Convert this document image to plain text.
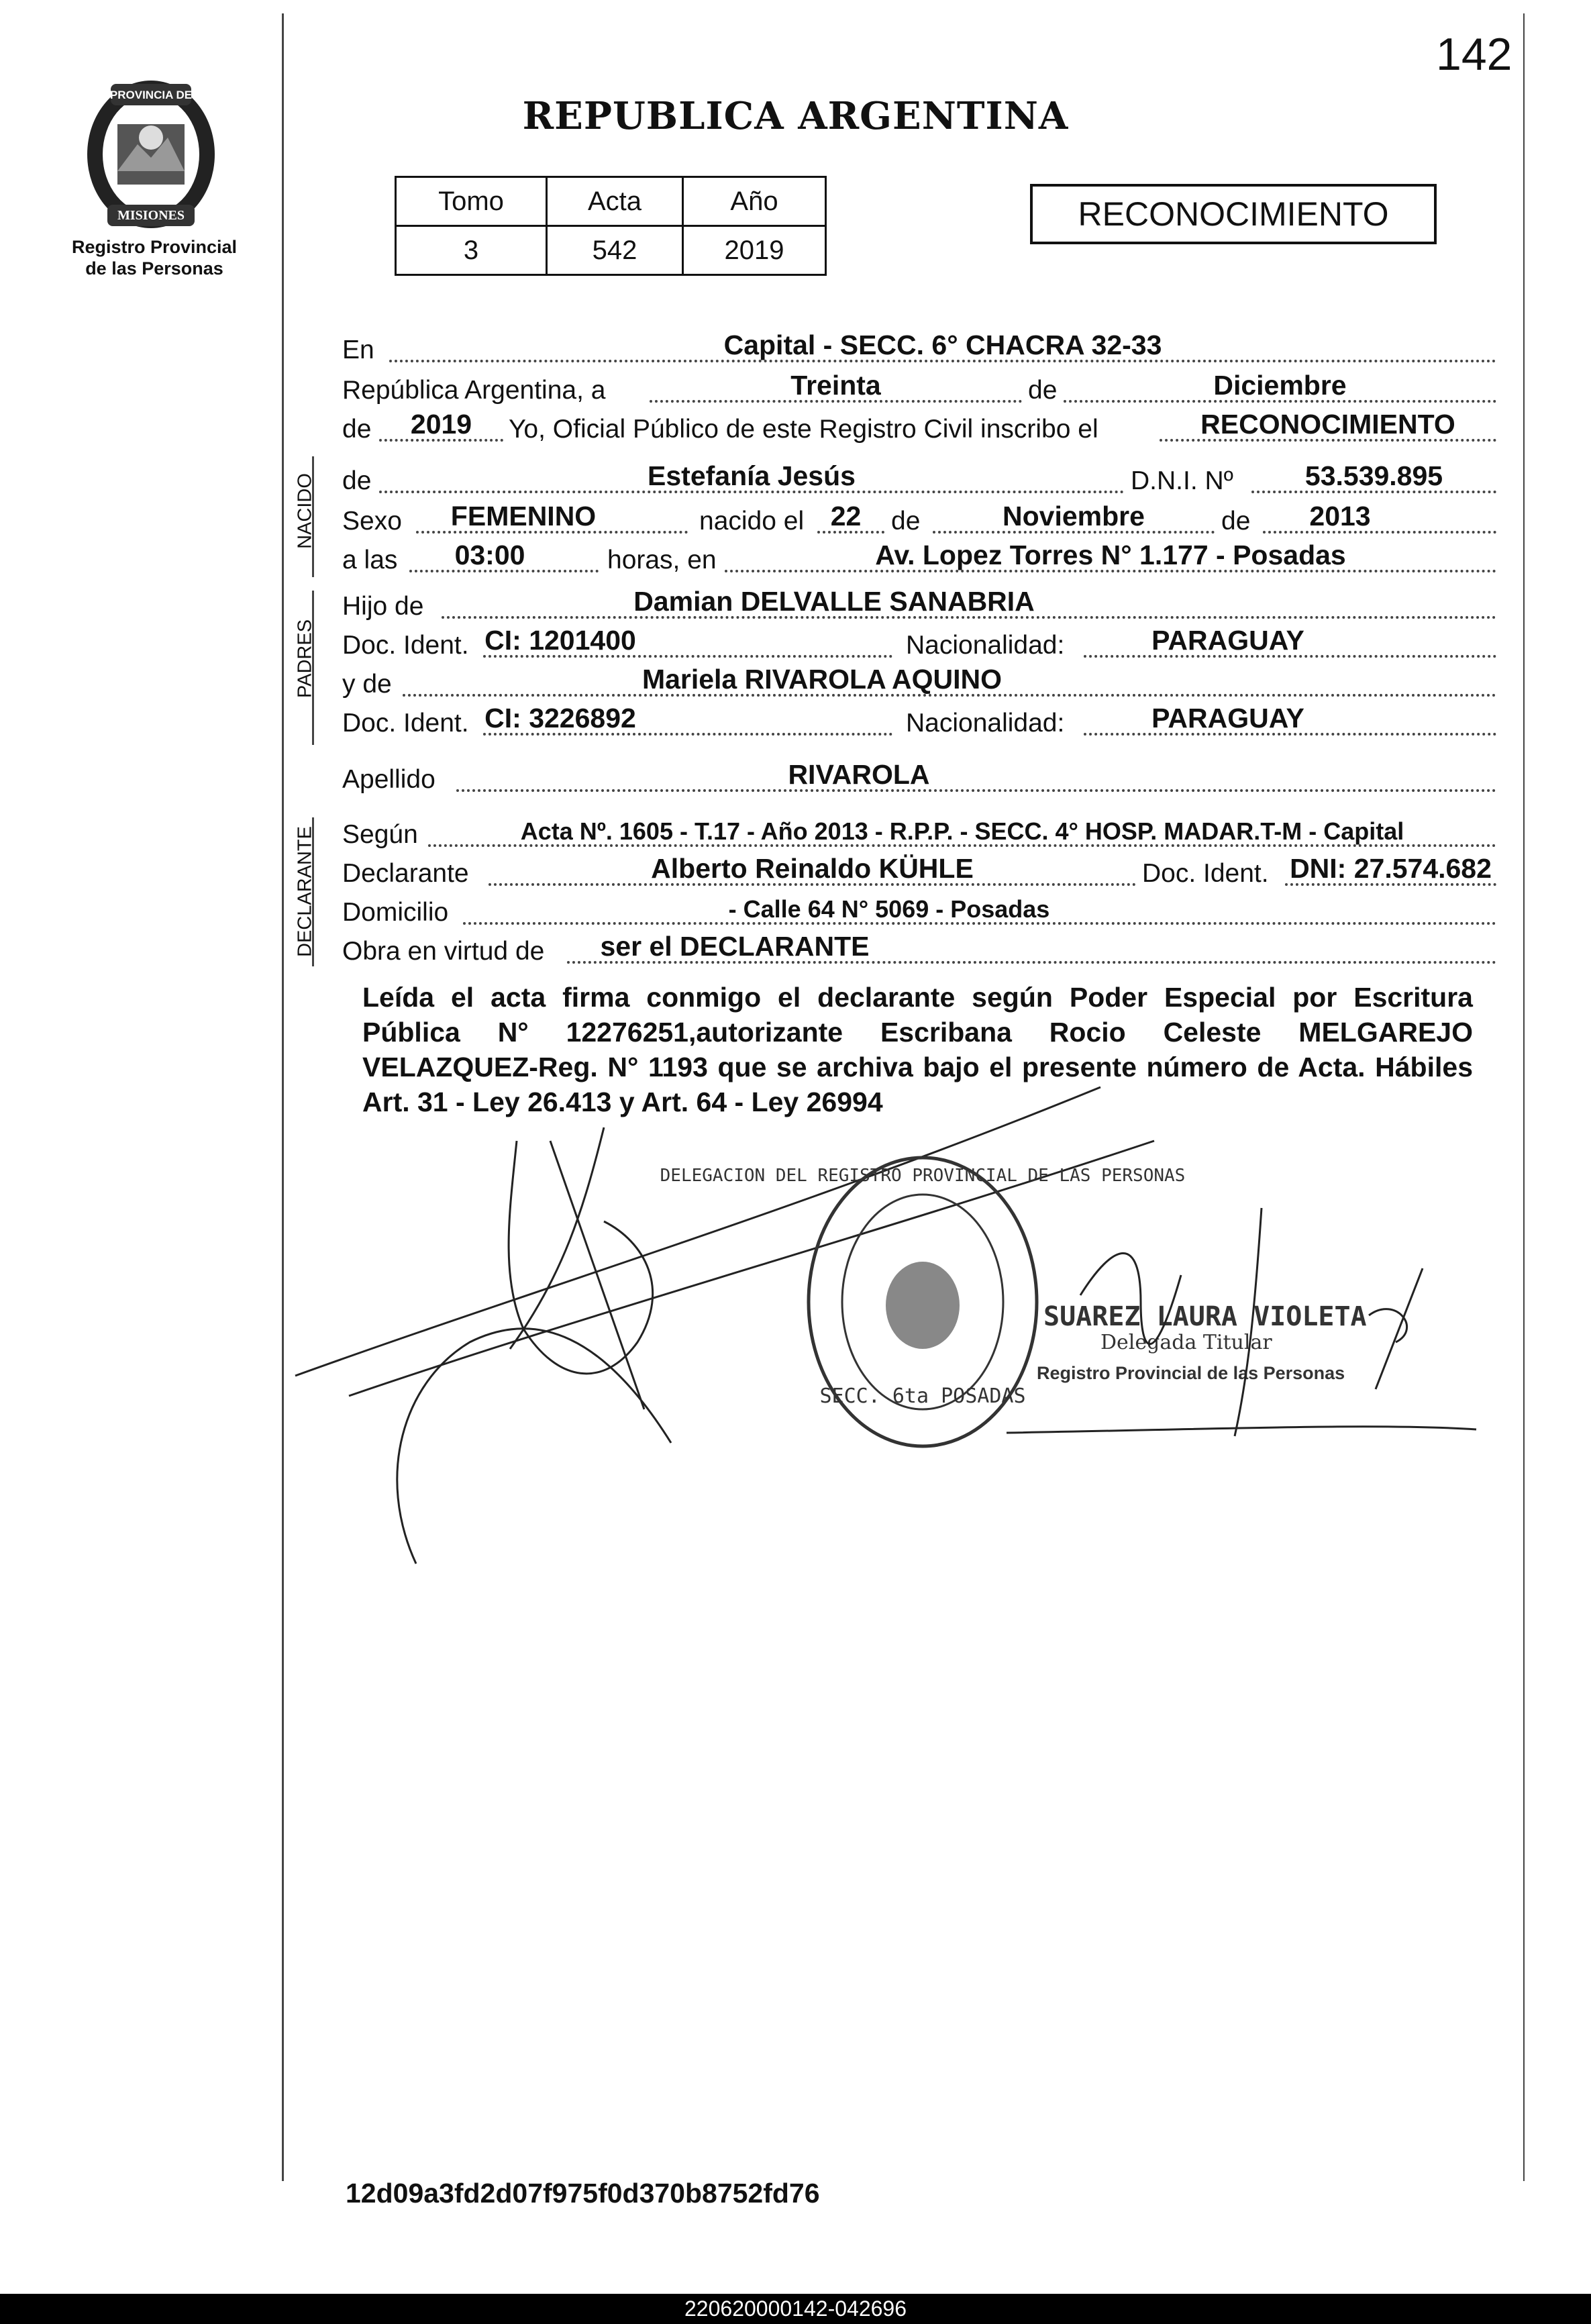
PROVINCIA DE
MISIONES
Registro Provincial
de las Personas
142
REPUBLICA ARGENTINA
Tomo	Acta	Año
3	542	2019
RECONOCIMIENTO
En	Capital - SECC. 6° CHACRA 32-33
República Argentina, a	Treinta	de	Diciembre
de	2019	Yo, Oficial Público de este Registro Civil inscribo el	RECONOCIMIENTO
NACIDO de	Estefanía Jesús	D.N.I. Nº	53.539.895
Sexo	FEMENINO	nacido el 22	de	Noviembre	de	2013
a las	03:00	horas, en	Av. Lopez Torres N° 1.177 - Posadas
PADRES
Hijo de	Damian DELVALLE SANABRIA
Doc. Ident. CI: 1201400	Nacionalidad:	PARAGUAY
y de	Mariela RIVAROLA AQUINO
Doc. Ident. CI: 3226892	Nacionalidad:	PARAGUAY
Apellido	RIVAROLA
DECLARANTE Según	Acta Nº. 1605 - T.17 - Año 2013 - R.P.P. - SECC. 4° HOSP. MADAR.T-M - Capital
Declarante	Alberto Reinaldo KÜHLE	Doc. Ident. DNI: 27.574.682
Domicilio	- Calle 64 N° 5069 - Posadas
Obra en virtud de	ser el DECLARANTE
Leída el acta firma conmigo el declarante según Poder Especial por Escritura Pública N° 12276251,autorizante Escribana Rocio Celeste MELGAREJO VELAZQUEZ-Reg. N° 1193 que se archiva bajo el presente número de Acta. Hábiles Art. 31 - Ley 26.413 y Art. 64 - Ley 26994
DELEGACION DEL REGISTRO PROVINCIAL DE LAS PERSONAS
SECC. 6ta POSADAS
SUAREZ LAURA VIOLETA
Delegada Titular
Registro Provincial de las Personas
12d09a3fd2d07f975f0d370b8752fd76
220620000142-042696
